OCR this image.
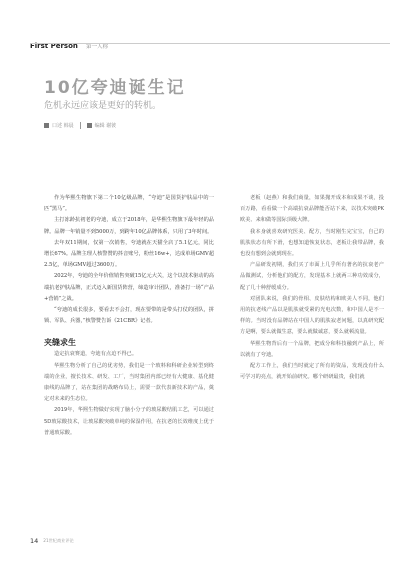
First Person 第一人称
10亿夸迪诞生记
危机永远应该是更好的转机。
口述 韩晨	编辑 谢彼

作为华熙生物旗下第二个10亿级品牌，“夸迪”是国货护肤品中的一匹“黑马”。

主打冻龄抗初老的夸迪，成立于2018年，是华熙生物旗下最年轻的品牌。品牌一年销量不到5000万，到跨年10亿品牌体系，只用了3年时间。

去年双11期间，仅第一次销售，夸迪就在天猫全店了5.1亿元，同比增长67%。品牌主理人核警赞的抖音账号，粉丝16w+，达成单场GMV超2.5亿，单场GMV超过3600万。

2022年，夸迪的全年价值销售突破15亿元大关，这个以技术驱动的高端抗老护肤品牌，正式迈入新国货阵营，缔造审计团队，准备打一场“产品+营销”之战。

“夸迪的成长很多，要看去不会打，现在要带的是带头打仗的团队，拼锁、军队、兵器，”核警赞告诉《21CBR》记者。

夹缝求生

造定抗衰赛道，夸迪有点迫不得已。

华熙生物分析了自己的优劣势，我们是一个玻料和科研企业转型到终端的企业，擅长技术、研发、工厂，当时集团内部已经有大健康、基化健康线的品牌了，站在集团的战略布局上，需要一款代表新技术的产品，奠定对未来的生态位。

2019年，华熙生物做好实现了脑小分子的玻尿酸结肌工艺，可以通过5D玻尿酸技术，让玻尿酸突破单纯的保湿作用，在抗老的长效维度上优于普通玻尿酸。

老板（赵燕）和我们商量，如果抛开成本和成果不谈，投百万路，看看做一个高端抗衰品牌能否站下来，以技术突破PK欧美、来和做等国际顶级大牌。

我本身就喜欢研究医美、配方，当时刚生完宝宝，自己的肌肤状态有所下滑，也想知道恢复状态，老板让我带品牌，我也没有想到会就到现在。

产品研发初期，我们买了市面上几乎所有著名的抗衰老产品做测试，分析他们的配方，发现基本上就两三种功效成分，配了几十种舒缓成分。

对团队来说，我们的骨相、皮肤结构和欧美人不同，他们用的抗老线产品以是肌肤就受紧的光电次数，和中国人是不一样的。当时没有品牌站在中国人的肌肤寂老问题，以真研究配方是啊，要么就做生意，要么就做诚意，要么就顿流量。

华熙生物背后有一个品牌，把成分和科技融到产品上，所以就有了夸迪。

配方工作上，我们当时就定了所有的资品，发现没有什么可学习的亮点，就开始前研究。哪个研研最贵，我们就

14 21世纪商业评论
